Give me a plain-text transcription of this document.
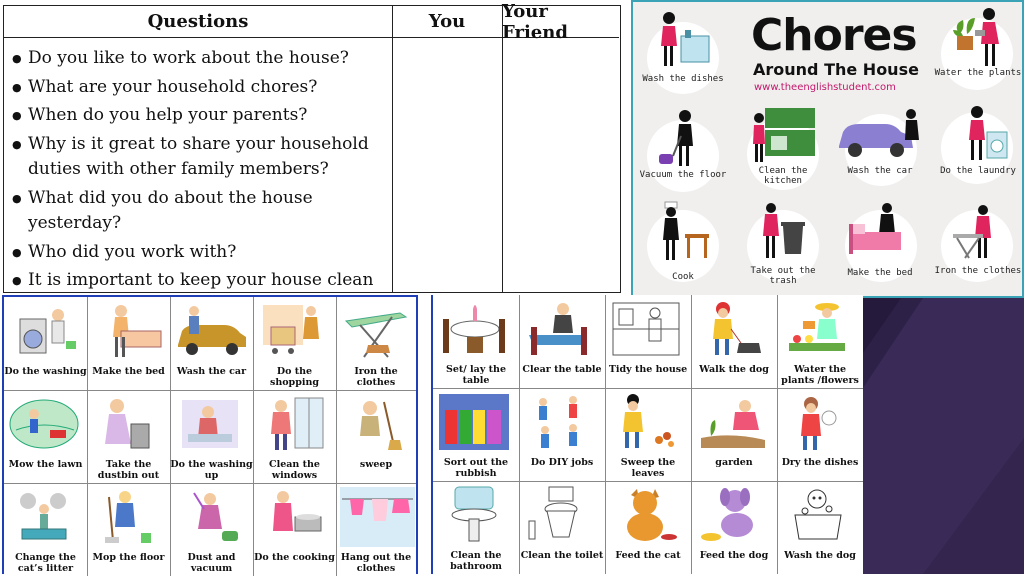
Questions	You	Your Friend
● Do you like to work about the house?
● What are your household chores?
● When do you help your parents?
● Why is it great to share your household duties with other family members?
● What did you do about the house yesterday?
● Who did you work with?
● It is important to keep your house clean
Chores
Around The House
www.theenglishstudent.com
Wash the dishes
Water the plants
Vacuum the floor	Clean the kitchen
Wash the car	Do the laundry
Cook
Take out the trash
Make the bed	Iron the clothes
Do the washing Make the bed	Wash the car	Do the shopping
Iron the clothes
Mow the lawn	Take the dustbin out
Do the washing up
Clean the windows
sweep
Change the cat’s litter
Mop the floor	Dust and vacuum
Do the cooking Hang out the clothes
Set/ lay the table
Clear the table Tidy the house	Walk the dog	Water the plants /flowers
Sort out the rubbish
Do DIY jobs	Sweep the leaves
garden	Dry the dishes
Clean the bathroom
Clean the toilet	Feed the cat	Feed the dog	Wash the dog
